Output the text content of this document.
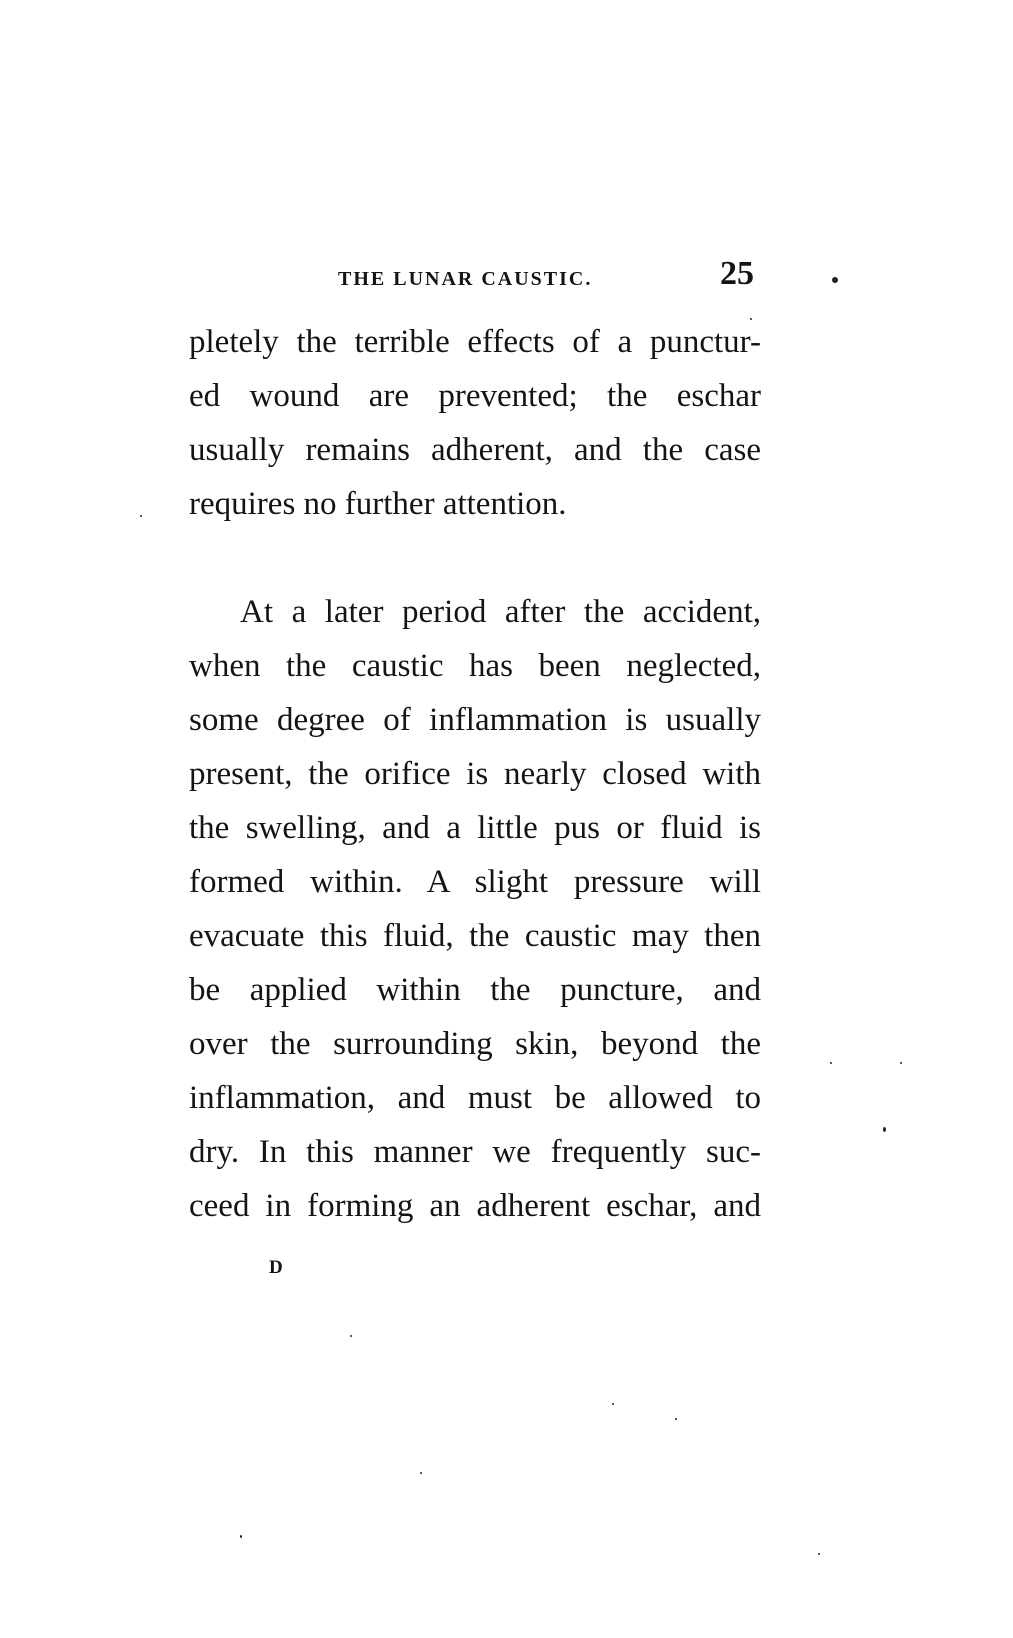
THE LUNAR CAUSTIC.	25
pletely the terrible effects of a punctur-
ed wound are prevented; the eschar
usually remains adherent, and the case
requires no further attention.
At a later period after the accident,
when the caustic has been neglected,
some degree of inflammation is usually
present, the orifice is nearly closed with
the swelling, and a little pus or fluid is
formed within. A slight pressure will
evacuate this fluid, the caustic may then
be applied within the puncture, and
over the surrounding skin, beyond the
inflammation, and must be allowed to
dry. In this manner we frequently suc-
ceed in forming an adherent eschar, and
D
